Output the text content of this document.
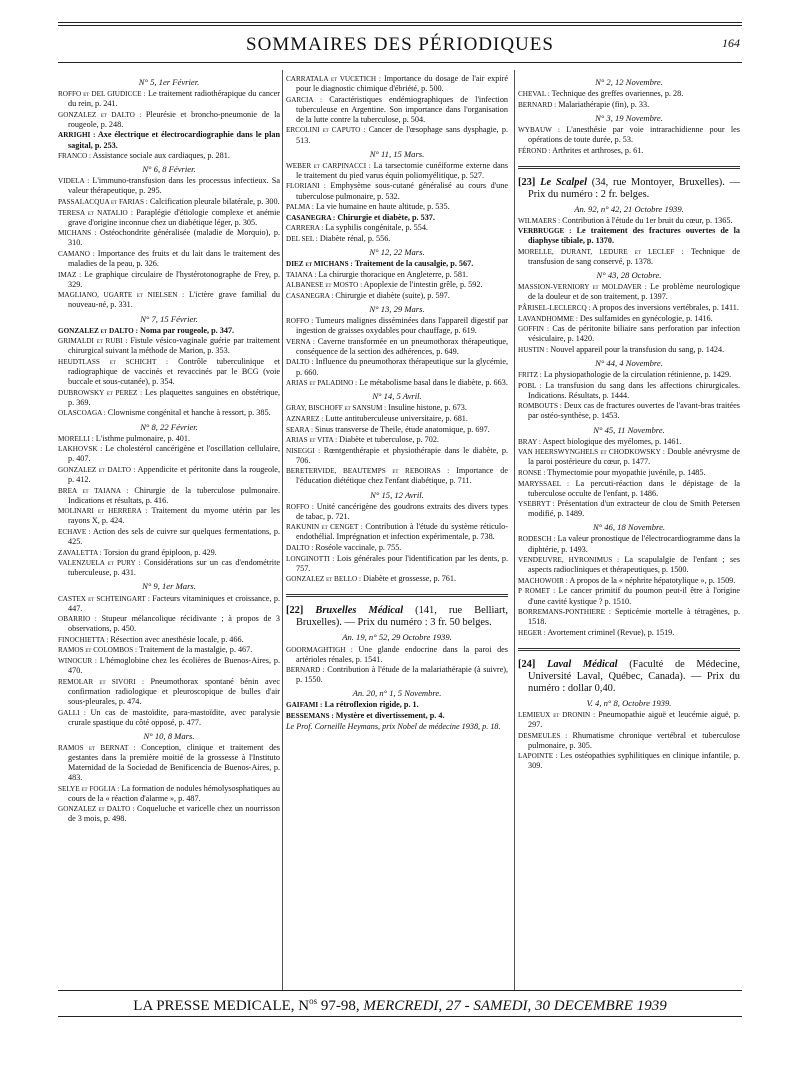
SOMMAIRES DES PÉRIODIQUES	164
N° 5, 1er Février.
ROFFO et DEL GIUDICCE : Le traitement radiothérapique du cancer du rein, p. 241.
GONZALEZ et DALTO : Pleurésie et broncho-pneumonie de la rougeole, p. 248.
ARRIGHI : Axe électrique et électrocardiographie dans le plan sagital, p. 253.
FRANCO : Assistance sociale aux cardiaques, p. 281.
N° 6, 8 Février.
VIDELA : L'immuno-transfusion dans les processus infectieux. Sa valeur thérapeutique, p. 295.
PASSALACQUA et FARIAS : Calcification pleurale bilatérale, p. 300.
TERESA et NATALIO : Paraplégie d'étiologie complexe et anémie grave d'origine inconnue chez un diabétique léger, p. 305.
MICHANS : Ostéochondrite généralisée (maladie de Morquio), p. 310.
CAMANO : Importance des fruits et du lait dans le traitement des maladies de la peau, p. 326.
IMAZ : Le graphique circulaire de l'hystérotonographe de Frey, p. 329.
MAGLIANO, UGARTE et NIELSEN : L'ictère grave familial du nouveau-né, p. 331.
N° 7, 15 Février.
GONZALEZ et DALTO : Noma par rougeole, p. 347.
GRIMALDI et RUBI : Fistule vésico-vaginale guérie par traitement chirurgical suivant la méthode de Marion, p. 353.
HEUDTLASS et SCHICHT : Contrôle tuberculinique et radiographique de vaccinés et revaccinés par le BCG (voie buccale et sous-cutanée), p. 354.
DUBROWSKY et PEREZ : Les plaquettes sanguines en obstétrique, p. 369.
OLASCOAGA : Clownisme congénital et hanche à ressort, p. 385.
N° 8, 22 Février.
MORELLI : L'isthme pulmonaire, p. 401.
LAKHOVSK : Le cholestérol cancérigène et l'oscillation cellulaire, p. 407.
GONZALEZ et DALTO : Appendicite et péritonite dans la rougeole, p. 412.
BREA et TAIANA : Chirurgie de la tuberculose pulmonaire. Indications et résultats, p. 416.
MOLINARI et HERRERA : Traitement du myome utérin par les rayons X, p. 424.
ECHAVE : Action des sels de cuivre sur quelques fermentations, p. 425.
ZAVALETTA : Torsion du grand épiploon, p. 429.
VALENZUELA et PURY : Considérations sur un cas d'endométrite tuberculeuse, p. 431.
N° 9, 1er Mars.
CASTEX et SCHTEINGART : Facteurs vitaminiques et croissance, p. 447.
OBARRIO : Stupeur mélancolique récidivante ; à propos de 3 observations, p. 450.
FINOCHIETTA : Résection avec anesthésie locale, p. 466.
RAMOS et COLOMBOS : Traitement de la mastalgie, p. 467.
WINOCUR : L'hémoglobine chez les écolières de Buenos-Aires, p. 470.
REMOLAR et SIVORI : Pneumothorax spontané bénin avec confirmation radiologique et pleuroscopique de bulles d'air sous-pleurales, p. 474.
GALLI : Un cas de mastoïdite, para-mastoïdite, avec paralysie crurale spastique du côté opposé, p. 477.
N° 10, 8 Mars.
RAMOS et BERNAT : Conception, clinique et traitement des gestantes dans la première moitié de la grossesse à l'Instituto Maternidad de la Sociedad de Benificencia de Buenos-Aires, p. 483.
SELYE et FOGLIA : La formation de nodules hémolysosphatiques au cours de la « réaction d'alarme », p. 487.
GONZALEZ et DALTO : Coqueluche et varicelle chez un nourrisson de 3 mois, p. 498.
CARRATALA et VUCETICH : Importance du dosage de l'air expiré pour le diagnostic chimique d'ébriété, p. 500.
GARCIA : Caractéristiques endémiographiques de l'infection tuberculeuse en Argentine. Son importance dans l'organisation de la lutte contre la tuberculose, p. 504.
ERCOLINI et CAPUTO : Cancer de l'œsophage sans dysphagie, p. 513.
N° 11, 15 Mars.
WEBER et CARPINACCI : La tarsectomie cunéiforme externe dans le traitement du pied varus équin poliomyélitique, p. 527.
FLORIANI : Emphysème sous-cutané généralisé au cours d'une tuberculose pulmonaire, p. 532.
PALMA : La vie humaine en haute altitude, p. 535.
CASANEGRA : Chirurgie et diabète, p. 537.
CARRERA : La syphilis congénitale, p. 554.
DEL SEL : Diabète rénal, p. 556.
N° 12, 22 Mars.
DIEZ et MICHANS : Traitement de la causalgie, p. 567.
TAIANA : La chirurgie thoracique en Angleterre, p. 581.
ALBANESE et MOSTO : Apoplexie de l'intestin grêle, p. 592.
CASANEGRA : Chirurgie et diabète (suite), p. 597.
N° 13, 29 Mars.
ROFFO : Tumeurs malignes disséminées dans l'appareil digestif par ingestion de graisses oxydables pour chauffage, p. 619.
VERNA : Caverne transformée en un pneumothorax thérapeutique, conséquence de la section des adhérences, p. 649.
DALTO : Influence du pneumothorax thérapeutique sur la glycémie, p. 660.
ARIAS et PALADINO : Le métabolisme basal dans le diabète, p. 663.
N° 14, 5 Avril.
GRAY, BISCHOFF et SANSUM : Insuline histone, p. 673.
AZNAREZ : Lutte antituberculeuse universitaire, p. 681.
SEARA : Sinus transverse de Theile, étude anatomique, p. 697.
ARIAS et VITA : Diabète et tuberculose, p. 702.
NISEGGI : Rœntgenthérapie et physiothérapie dans le diabète, p. 706.
BERETERVIDE, BEAUTEMPS et REBOIRAS : Importance de l'éducation diététique chez l'enfant diabétique, p. 711.
N° 15, 12 Avril.
ROFFO : Unité cancérigène des goudrons extraits des divers types de tabac, p. 721.
RAKUNIN et CENGET : Contribution à l'étude du système réticulo-endothélial. Imprégnation et infection expérimentale, p. 738.
DALTO : Roséole vaccinale, p. 755.
LONGINOTTI : Lois générales pour l'identification par les dents, p. 757.
GONZALEZ et BELLO : Diabète et grossesse, p. 761.
[22] Bruxelles Médical (141, rue Belliart, Bruxelles). — Prix du numéro : 3 fr. 50 belges.
An. 19, n° 52, 29 Octobre 1939.
GOORMAGHTIGH : Une glande endocrine dans la paroi des artérioles rénales, p. 1541.
BERNARD : Contribution à l'étude de la malariathérapie (à suivre), p. 1550.
An. 20, n° 1, 5 Novembre.
GAIFAMI : La rétroflexion rigide, p. 1.
BESSEMANS : Mystère et divertissement, p. 4.
Le Prof. Corneille Heymans, prix Nobel de médecine 1938, p. 18.
N° 2, 12 Novembre.
CHEVAL : Technique des greffes ovariennes, p. 28.
BERNARD : Malariathérapie (fin), p. 33.
N° 3, 19 Novembre.
WYBAUW : L'anesthésie par voie intrarachidienne pour les opérations de toute durée, p. 53.
FÉROND : Arthrites et arthroses, p. 61.
[23] Le Scalpel (34, rue Montoyer, Bruxelles). — Prix du numéro : 2 fr. belges.
An. 92, n° 42, 21 Octobre 1939.
WILMAERS : Contribution à l'étude du 1er bruit du cœur, p. 1365.
VERBRUGGE : Le traitement des fractures ouvertes de la diaphyse tibiale, p. 1370.
MORELLE, DURANT, LEDURE et LECLEF : Technique de transfusion de sang conservé, p. 1378.
N° 43, 28 Octobre.
MASSION-VERNIORY et MOLDAVER : Le problème neurologique de la douleur et de son traitement, p. 1397.
PÂRISEL-LECLERCQ : A propos des inversions vertébrales, p. 1411.
LAVANDHOMME : Des sulfamides en gynécologie, p. 1416.
GOFFIN : Cas de péritonite biliaire sans perforation par infection vésiculaire, p. 1420.
HUSTIN : Nouvel appareil pour la transfusion du sang, p. 1424.
N° 44, 4 Novembre.
FRITZ : La physiopathologie de la circulation rétinienne, p. 1429.
POBL : La transfusion du sang dans les affections chirurgicales. Indications. Résultats, p. 1444.
ROMBOUTS : Deux cas de fractures ouvertes de l'avant-bras traitées par ostéo-synthèse, p. 1453.
N° 45, 11 Novembre.
BRAY : Aspect biologique des myélomes, p. 1461.
VAN HEERSWYNGHELS et CHODKOWSKY : Double anévrysme de la paroi postérieure du cœur, p. 1477.
RONSE : Thymectomie pour myopathie juvénile, p. 1485.
MARYSSAEL : La percuti-réaction dans le dépistage de la tuberculose occulte de l'enfant, p. 1486.
YSEBRYT : Présentation d'un extracteur de clou de Smith Petersen modifié, p. 1489.
N° 46, 18 Novembre.
RODESCH : La valeur pronostique de l'électrocardiogramme dans la diphtérie, p. 1493.
VENDEUVRE, HYRONIMUS : La scapulalgie de l'enfant ; ses aspects radiocliniques et thérapeutiques, p. 1500.
MACHOWOIR : A propos de la « néphrite hépatotylique », p. 1509.
P ROMET : Le cancer primitif du poumon peut-il être à l'origine d'une cavité kystique ? p. 1510.
BORREMANS-PONTHIERE : Septicémie mortelle à tétragènes, p. 1518.
HEGER : Avortement criminel (Revue), p. 1519.
[24] Laval Médical (Faculté de Médecine, Université Laval, Québec, Canada). — Prix du numéro : dollar 0,40.
V. 4, n° 8, Octobre 1939.
LEMIEUX et DRONIN : Pneumopathie aiguë et leucémie aiguë, p. 297.
DESMEULES : Rhumatisme chronique vertébral et tuberculose pulmonaire, p. 305.
LAPOINTE : Les ostéopathies syphilitiques en clinique infantile, p. 309.
LA PRESSE MEDICALE, $N^{os}$ 97-98, MERCREDI, 27 - SAMEDI, 30 DECEMBRE 1939
